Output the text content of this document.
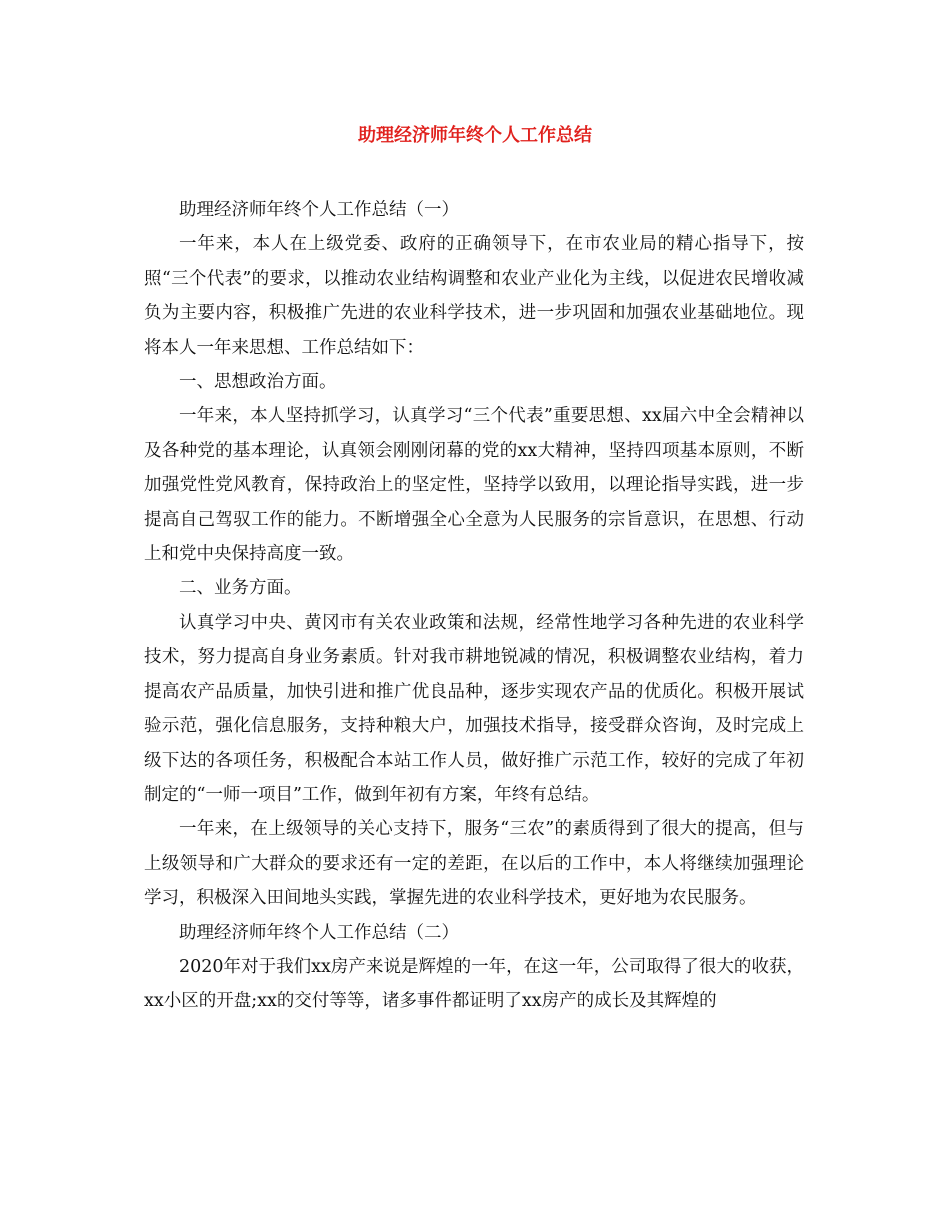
助理经济师年终个人工作总结

助理经济师年终个人工作总结（一）

一年来，本人在上级党委、政府的正确领导下，在市农业局的精心指导下，按照“三个代表”的要求，以推动农业结构调整和农业产业化为主线，以促进农民增收减负为主要内容，积极推广先进的农业科学技术，进一步巩固和加强农业基础地位。现将本人一年来思想、工作总结如下：

一、思想政治方面。

一年来，本人坚持抓学习，认真学习“三个代表”重要思想、xx届六中全会精神以及各种党的基本理论，认真领会刚刚闭幕的党的xx大精神，坚持四项基本原则，不断加强党性党风教育，保持政治上的坚定性，坚持学以致用，以理论指导实践，进一步提高自己驾驭工作的能力。不断增强全心全意为人民服务的宗旨意识，在思想、行动上和党中央保持高度一致。

二、业务方面。

认真学习中央、黄冈市有关农业政策和法规，经常性地学习各种先进的农业科学技术，努力提高自身业务素质。针对我市耕地锐减的情况，积极调整农业结构，着力提高农产品质量，加快引进和推广优良品种，逐步实现农产品的优质化。积极开展试验示范，强化信息服务，支持种粮大户，加强技术指导，接受群众咨询，及时完成上级下达的各项任务，积极配合本站工作人员，做好推广示范工作，较好的完成了年初制定的“一师一项目”工作，做到年初有方案，年终有总结。

一年来，在上级领导的关心支持下，服务“三农”的素质得到了很大的提高，但与上级领导和广大群众的要求还有一定的差距，在以后的工作中，本人将继续加强理论学习，积极深入田间地头实践，掌握先进的农业科学技术，更好地为农民服务。

助理经济师年终个人工作总结（二）

2020年对于我们xx房产来说是辉煌的一年，在这一年，公司取得了很大的收获，xx小区的开盘;xx的交付等等，诸多事件都证明了xx房产的成长及其辉煌的
